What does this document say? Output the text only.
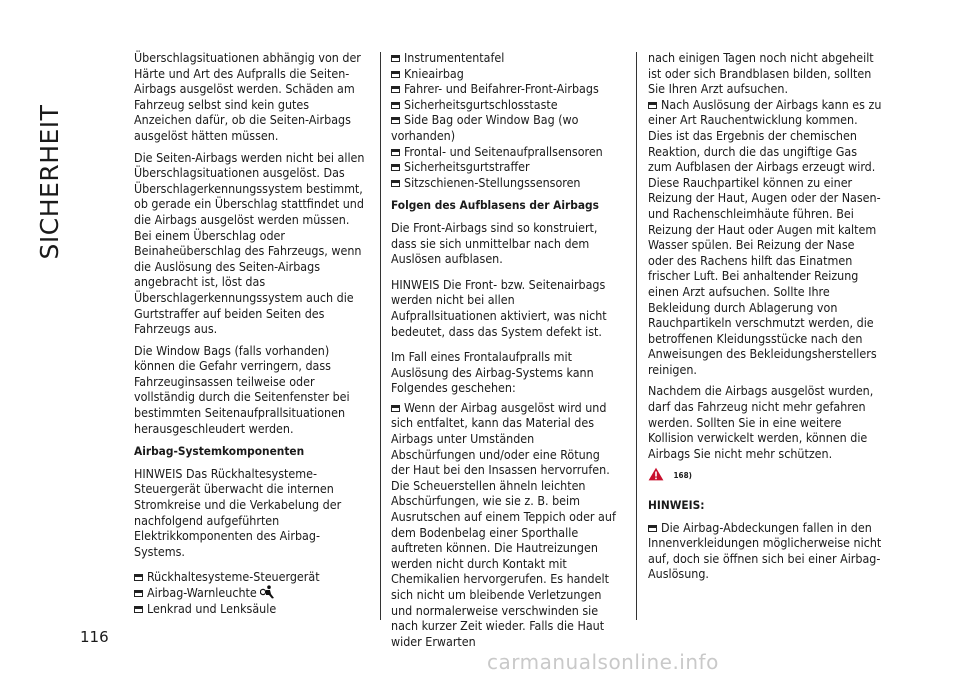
SICHERHEIT
116

Überschlagsituationen abhängig von der Härte und Art des Aufpralls die Seiten-Airbags ausgelöst werden. Schäden am Fahrzeug selbst sind kein gutes Anzeichen dafür, ob die Seiten-Airbags ausgelöst hätten müssen.

Die Seiten-Airbags werden nicht bei allen Überschlagsituationen ausgelöst. Das Überschlagerkennungssystem bestimmt, ob gerade ein Überschlag stattfindet und die Airbags ausgelöst werden müssen. Bei einem Überschlag oder Beinaheüberschlag des Fahrzeugs, wenn die Auslösung des Seiten-Airbags angebracht ist, löst das Überschlagerkennungssystem auch die Gurtstraffer auf beiden Seiten des Fahrzeugs aus.

Die Window Bags (falls vorhanden) können die Gefahr verringern, dass Fahrzeuginsassen teilweise oder vollständig durch die Seitenfenster bei bestimmten Seitenaufprallsituationen herausgeschleudert werden.

Airbag-Systemkomponenten

HINWEIS Das Rückhaltesysteme-Steuergerät überwacht die internen Stromkreise und die Verkabelung der nachfolgend aufgeführten Elektrikkomponenten des Airbag-Systems.

Rückhaltesysteme-Steuergerät
Airbag-Warnleuchte
Lenkrad und Lenksäule
Instrumententafel
Knieairbag
Fahrer- und Beifahrer-Front-Airbags
Sicherheitsgurtschlosstaste
Side Bag oder Window Bag (wo vorhanden)
Frontal- und Seitenaufprallsensoren
Sicherheitsgurtstraffer
Sitzschienen-Stellungssensoren
Folgen des Aufblasens der Airbags

Die Front-Airbags sind so konstruiert, dass sie sich unmittelbar nach dem Auslösen aufblasen.

HINWEIS Die Front- bzw. Seitenairbags werden nicht bei allen Aufprallsituationen aktiviert, was nicht bedeutet, dass das System defekt ist.

Im Fall eines Frontalaufpralls mit Auslösung des Airbag-Systems kann Folgendes geschehen:

Wenn der Airbag ausgelöst wird und sich entfaltet, kann das Material des Airbags unter Umständen Abschürfungen und/oder eine Rötung der Haut bei den Insassen hervorrufen. Die Scheuerstellen ähneln leichten Abschürfungen, wie sie z. B. beim Ausrutschen auf einem Teppich oder auf dem Bodenbelag einer Sporthalle auftreten können. Die Hautreizungen werden nicht durch Kontakt mit Chemikalien hervorgerufen. Es handelt sich nicht um bleibende Verletzungen und normalerweise verschwinden sie nach kurzer Zeit wieder. Falls die Haut wider Erwarten

nach einigen Tagen noch nicht abgeheilt ist oder sich Brandblasen bilden, sollten Sie Ihren Arzt aufsuchen.

Nach Auslösung der Airbags kann es zu einer Art Rauchentwicklung kommen. Dies ist das Ergebnis der chemischen Reaktion, durch die das ungiftige Gas zum Aufblasen der Airbags erzeugt wird. Diese Rauchpartikel können zu einer Reizung der Haut, Augen oder der Nasen- und Rachenschleimhäute führen. Bei Reizung der Haut oder Augen mit kaltem Wasser spülen. Bei Reizung der Nase oder des Rachens hilft das Einatmen frischer Luft. Bei anhaltender Reizung einen Arzt aufsuchen. Sollte Ihre Bekleidung durch Ablagerung von Rauchpartikeln verschmutzt werden, die betroffenen Kleidungsstücke nach den Anweisungen des Bekleidungsherstellers reinigen.

Nachdem die Airbags ausgelöst wurden, darf das Fahrzeug nicht mehr gefahren werden. Sollten Sie in eine weitere Kollision verwickelt werden, können die Airbags Sie nicht mehr schützen.

168)
HINWEIS:

Die Airbag-Abdeckungen fallen in den Innenverkleidungen möglicherweise nicht auf, doch sie öffnen sich bei einer Airbag-Auslösung.

carmanualsonline.info
